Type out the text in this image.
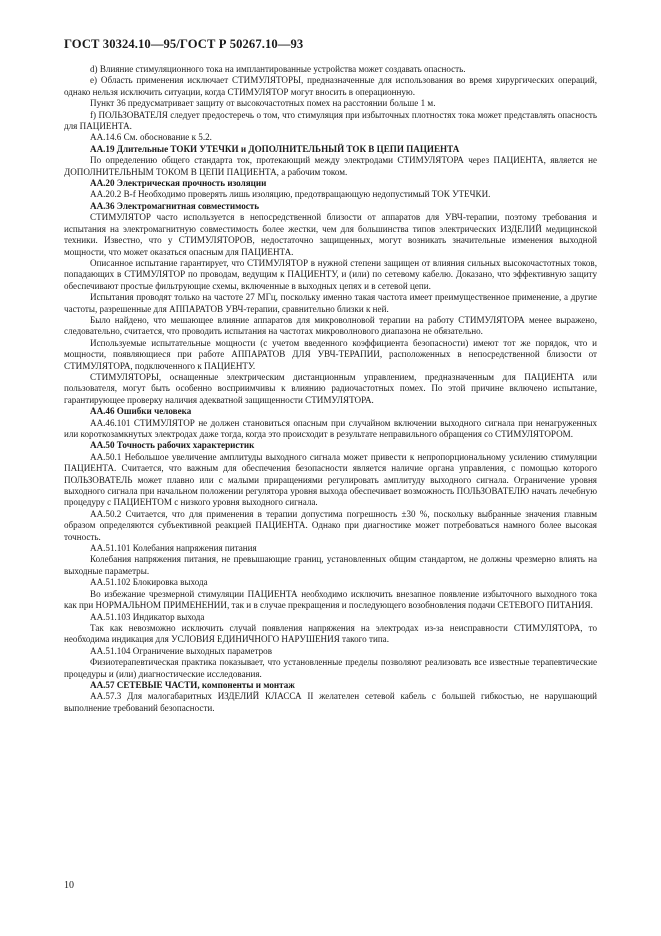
ГОСТ 30324.10—95/ГОСТ Р 50267.10—93

d) Влияние стимуляционного тока на имплантированные устройства может создавать опасность.

e) Область применения исключает СТИМУЛЯТОРЫ, предназначенные для использования во время хирургических операций, однако нельзя исключить ситуации, когда СТИМУЛЯТОР могут вносить в операционную.

Пункт 36 предусматривает защиту от высокочастотных помех на расстоянии больше 1 м.

f) ПОЛЬЗОВАТЕЛЯ следует предостеречь о том, что стимуляция при избыточных плотностях тока может представлять опасность для ПАЦИЕНТА.

АА.14.6 См. обоснование к 5.2.

АА.19 Длительные ТОКИ УТЕЧКИ и ДОПОЛНИТЕЛЬНЫЙ ТОК В ЦЕПИ ПАЦИЕНТА

По определению общего стандарта ток, протекающий между электродами СТИМУЛЯТОРА через ПАЦИЕНТА, является не ДОПОЛНИТЕЛЬНЫМ ТОКОМ В ЦЕПИ ПАЦИЕНТА, а рабочим током.

АА.20 Электрическая прочность изоляции

АА.20.2 B-f Необходимо проверять лишь изоляцию, предотвращающую недопустимый ТОК УТЕЧКИ.

АА.36 Электромагнитная совместимость

СТИМУЛЯТОР часто используется в непосредственной близости от аппаратов для УВЧ-терапии, поэтому требования и испытания на электромагнитную совместимость более жестки, чем для большинства типов электрических ИЗДЕЛИЙ медицинской техники. Известно, что у СТИМУЛЯТОРОВ, недостаточно защищенных, могут возникать значительные изменения выходной мощности, что может оказаться опасным для ПАЦИЕНТА.

Описанное испытание гарантирует, что СТИМУЛЯТОР в нужной степени защищен от влияния сильных высокочастотных токов, попадающих в СТИМУЛЯТОР по проводам, ведущим к ПАЦИЕНТУ, и (или) по сетевому кабелю. Доказано, что эффективную защиту обеспечивают простые фильтрующие схемы, включенные в выходных цепях и в сетевой цепи.

Испытания проводят только на частоте 27 МГц, поскольку именно такая частота имеет преимущественное применение, а другие частоты, разрешенные для АППАРАТОВ УВЧ-терапии, сравнительно близки к ней.

Было найдено, что мешающее влияние аппаратов для микроволновой терапии на работу СТИМУЛЯТОРА менее выражено, следовательно, считается, что проводить испытания на частотах микроволнового диапазона не обязательно.

Используемые испытательные мощности (с учетом введенного коэффициента безопасности) имеют тот же порядок, что и мощности, появляющиеся при работе АППАРАТОВ ДЛЯ УВЧ-ТЕРАПИИ, расположенных в непосредственной близости от СТИМУЛЯТОРА, подключенного к ПАЦИЕНТУ.

СТИМУЛЯТОРЫ, оснащенные электрическим дистанционным управлением, предназначенным для ПАЦИЕНТА или пользователя, могут быть особенно восприимчивы к влиянию радиочастотных помех. По этой причине включено испытание, гарантирующее проверку наличия адекватной защищенности СТИМУЛЯТОРА.

АА.46 Ошибки человека

АА.46.101 СТИМУЛЯТОР не должен становиться опасным при случайном включении выходного сигнала при ненагруженных или короткозамкнутых электродах даже тогда, когда это происходит в результате неправильного обращения со СТИМУЛЯТОРОМ.

АА.50 Точность рабочих характеристик

АА.50.1 Небольшое увеличение амплитуды выходного сигнала может привести к непропорциональному усилению стимуляции ПАЦИЕНТА. Считается, что важным для обеспечения безопасности является наличие органа управления, с помощью которого ПОЛЬЗОВАТЕЛЬ может плавно или с малыми приращениями регулировать амплитуду выходного сигнала. Ограничение уровня выходного сигнала при начальном положении регулятора уровня выхода обеспечивает возможность ПОЛЬЗОВАТЕЛЮ начать лечебную процедуру с ПАЦИЕНТОМ с низкого уровня выходного сигнала.

АА.50.2 Считается, что для применения в терапии допустима погрешность ±30 %, поскольку выбранные значения главным образом определяются субъективной реакцией ПАЦИЕНТА. Однако при диагностике может потребоваться намного более высокая точность.

АА.51.101 Колебания напряжения питания

Колебания напряжения питания, не превышающие границ, установленных общим стандартом, не должны чрезмерно влиять на выходные параметры.

АА.51.102 Блокировка выхода

Во избежание чрезмерной стимуляции ПАЦИЕНТА необходимо исключить внезапное появление избыточного выходного тока как при НОРМАЛЬНОМ ПРИМЕНЕНИИ, так и в случае прекращения и последующего возобновления подачи СЕТЕВОГО ПИТАНИЯ.

АА.51.103 Индикатор выхода

Так как невозможно исключить случай появления напряжения на электродах из-за неисправности СТИМУЛЯТОРА, то необходима индикация для УСЛОВИЯ ЕДИНИЧНОГО НАРУШЕНИЯ такого типа.

АА.51.104 Ограничение выходных параметров

Физиотерапевтическая практика показывает, что установленные пределы позволяют реализовать все известные терапевтические процедуры и (или) диагностические исследования.

АА.57 СЕТЕВЫЕ ЧАСТИ, компоненты и монтаж

АА.57.3 Для малогабаритных ИЗДЕЛИЙ КЛАССА II желателен сетевой кабель с большей гибкостью, не нарушающий выполнение требований безопасности.

10
